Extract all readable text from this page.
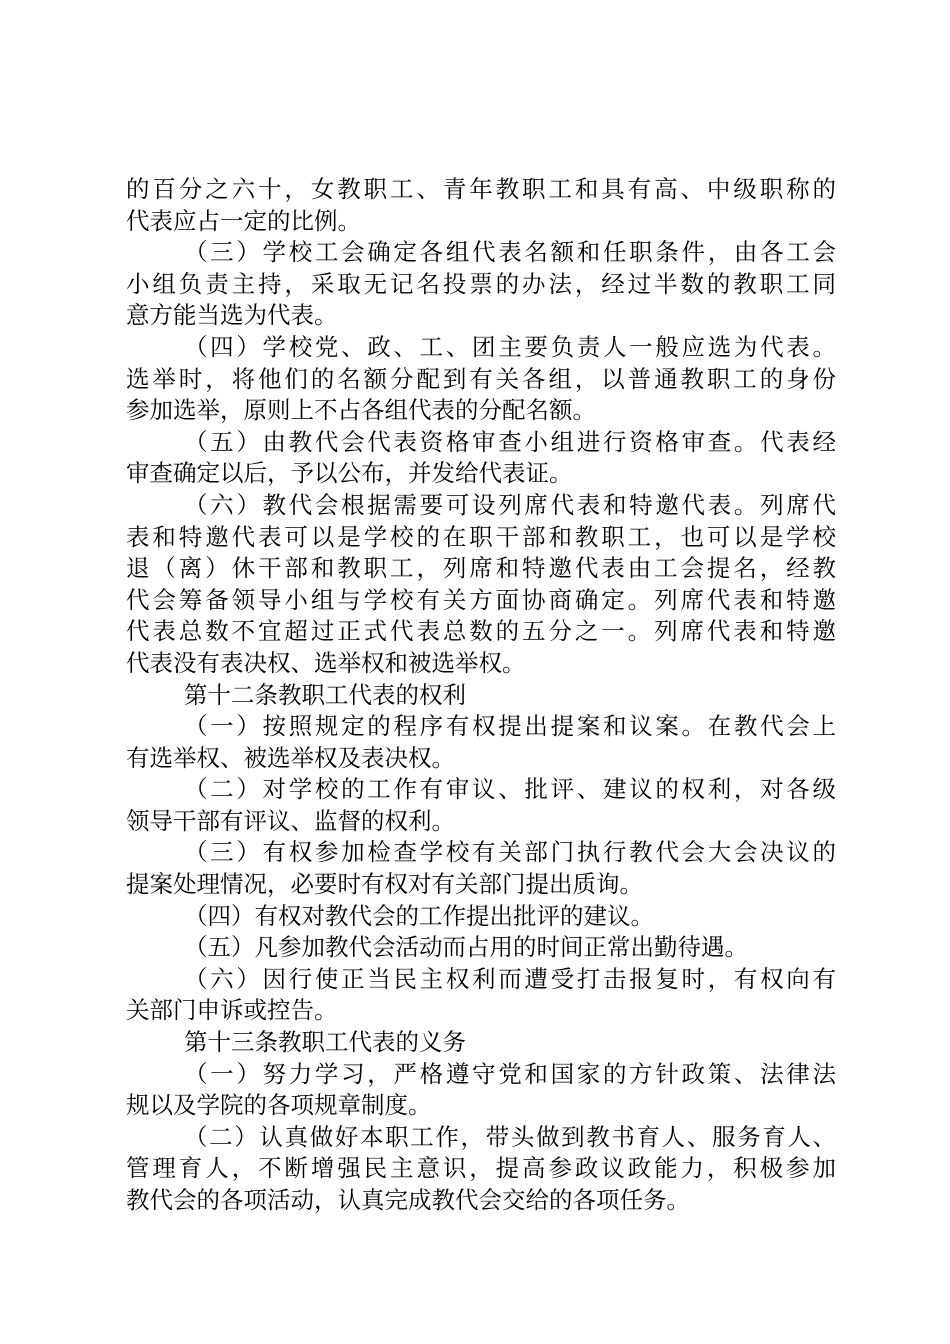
的百分之六十，女教职工、青年教职工和具有高、中级职称的
代表应占一定的比例。
（三）学校工会确定各组代表名额和任职条件，由各工会
小组负责主持，采取无记名投票的办法，经过半数的教职工同
意方能当选为代表。
（四）学校党、政、工、团主要负责人一般应选为代表。
选举时，将他们的名额分配到有关各组，以普通教职工的身份
参加选举，原则上不占各组代表的分配名额。
（五）由教代会代表资格审查小组进行资格审查。代表经
审查确定以后，予以公布，并发给代表证。
（六）教代会根据需要可设列席代表和特邀代表。列席代
表和特邀代表可以是学校的在职干部和教职工，也可以是学校
退（离）休干部和教职工，列席和特邀代表由工会提名，经教
代会筹备领导小组与学校有关方面协商确定。列席代表和特邀
代表总数不宜超过正式代表总数的五分之一。列席代表和特邀
代表没有表决权、选举权和被选举权。
第十二条教职工代表的权利
（一）按照规定的程序有权提出提案和议案。在教代会上
有选举权、被选举权及表决权。
（二）对学校的工作有审议、批评、建议的权利，对各级
领导干部有评议、监督的权利。
（三）有权参加检查学校有关部门执行教代会大会决议的
提案处理情况，必要时有权对有关部门提出质询。
（四）有权对教代会的工作提出批评的建议。
（五）凡参加教代会活动而占用的时间正常出勤待遇。
（六）因行使正当民主权利而遭受打击报复时，有权向有
关部门申诉或控告。
第十三条教职工代表的义务
（一）努力学习，严格遵守党和国家的方针政策、法律法
规以及学院的各项规章制度。
（二）认真做好本职工作，带头做到教书育人、服务育人、
管理育人，不断增强民主意识，提高参政议政能力，积极参加
教代会的各项活动，认真完成教代会交给的各项任务。
